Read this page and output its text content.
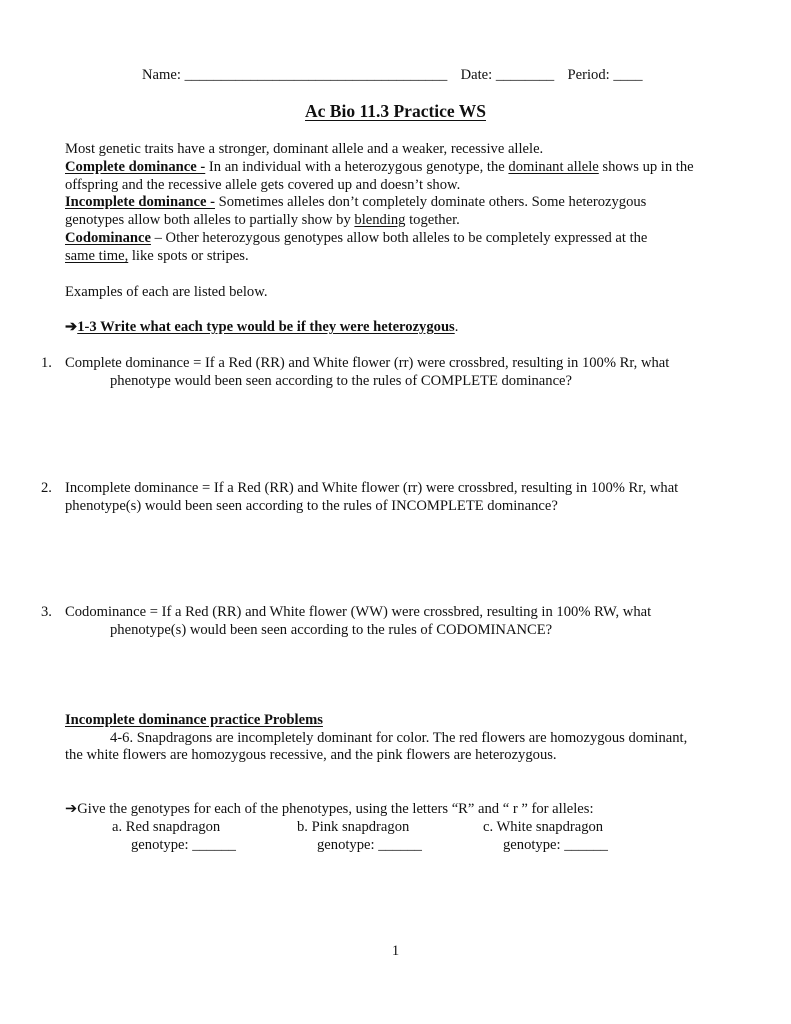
Name: ____________________________________ Date: ________ Period: ____
Ac Bio 11.3 Practice WS
Most genetic traits have a stronger, dominant allele and a weaker, recessive allele.
Complete dominance - In an individual with a heterozygous genotype, the dominant allele shows up in the
offspring and the recessive allele gets covered up and doesn’t show.
Incomplete dominance - Sometimes alleles don’t completely dominate others. Some heterozygous
genotypes allow both alleles to partially show by blending together.
Codominance – Other heterozygous genotypes allow both alleles to be completely expressed at the
same time, like spots or stripes.
Examples of each are listed below.
➔1-3 Write what each type would be if they were heterozygous.
1. Complete dominance = If a Red (RR) and White flower (rr) were crossbred, resulting in 100% Rr, what
phenotype would been seen according to the rules of COMPLETE dominance?
2. Incomplete dominance = If a Red (RR) and White flower (rr) were crossbred, resulting in 100% Rr, what
phenotype(s) would been seen according to the rules of INCOMPLETE dominance?
3. Codominance = If a Red (RR) and White flower (WW) were crossbred, resulting in 100% RW, what
phenotype(s) would been seen according to the rules of CODOMINANCE?
Incomplete dominance practice Problems
4-6. Snapdragons are incompletely dominant for color. The red flowers are homozygous dominant,
the white flowers are homozygous recessive, and the pink flowers are heterozygous.
➔Give the genotypes for each of the phenotypes, using the letters “R” and “ r ” for alleles:
a. Red snapdragon
genotype: ______
b. Pink snapdragon
genotype: ______
c. White snapdragon
genotype: ______
1
